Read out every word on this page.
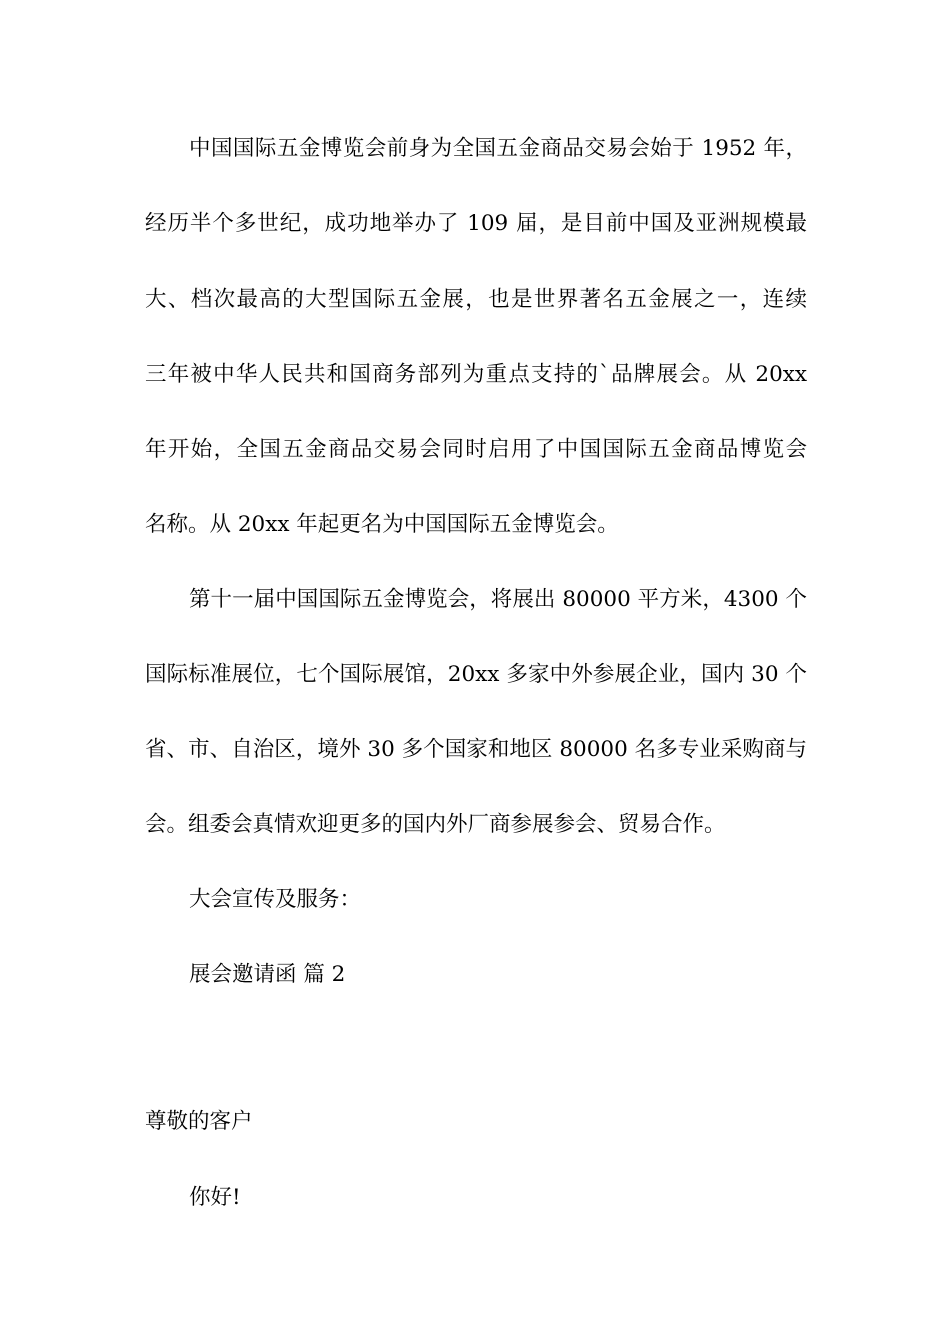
中国国际五金博览会前身为全国五金商品交易会始于 1952 年，
经历半个多世纪，成功地举办了 109 届，是目前中国及亚洲规模最
大、档次最高的大型国际五金展，也是世界著名五金展之一，连续
三年被中华人民共和国商务部列为重点支持的`品牌展会。从 20xx
年开始，全国五金商品交易会同时启用了中国国际五金商品博览会
名称。从 20xx 年起更名为中国国际五金博览会。
第十一届中国国际五金博览会，将展出 80000 平方米，4300 个
国际标准展位，七个国际展馆，20xx 多家中外参展企业，国内 30 个
省、市、自治区，境外 30 多个国家和地区 80000 名多专业采购商与
会。组委会真情欢迎更多的国内外厂商参展参会、贸易合作。
大会宣传及服务：
展会邀请函 篇 2
尊敬的客户
你好!
